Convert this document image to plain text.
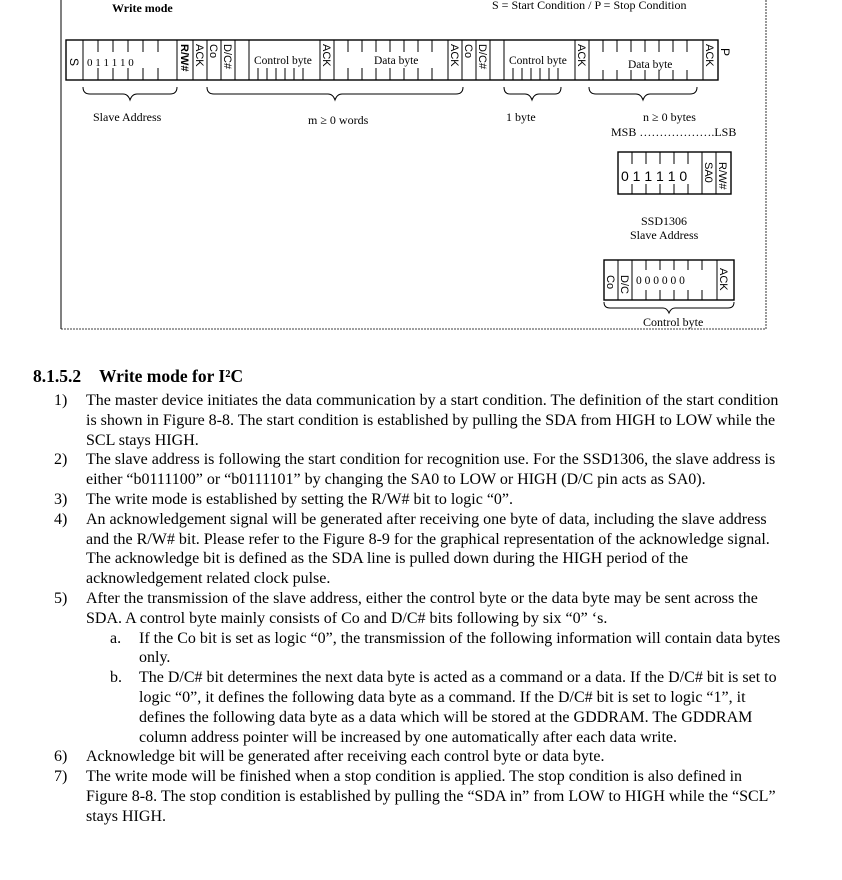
Write mode	S = Start Condition / P = Stop Condition
S 0 1 1 1 1 0	R/W# ACK Co D/C# Control byte ACK	Data byte	ACK Co D/C# Control byte ACK	Data byte	ACK P
Slave Address	m ≥ 0 words	1 byte	n ≥ 0 bytes
MSB ……………….LSB
0 1 1 1 1 0 SA0 R/W#
SSD1306
Slave Address
Co D/C 0 0 0 0 0 0	ACK
Control byte
8.1.5.2 Write mode for I²C
1) The master device initiates the data communication by a start condition. The definition of the start condition is shown in Figure 8-8. The start condition is established by pulling the SDA from HIGH to LOW while the SCL stays HIGH.
2) The slave address is following the start condition for recognition use. For the SSD1306, the slave address is either “b0111100” or “b0111101” by changing the SA0 to LOW or HIGH (D/C pin acts as SA0).
3) The write mode is established by setting the R/W# bit to logic “0”.
4) An acknowledgement signal will be generated after receiving one byte of data, including the slave address and the R/W# bit. Please refer to the Figure 8-9 for the graphical representation of the acknowledge signal. The acknowledge bit is defined as the SDA line is pulled down during the HIGH period of the acknowledgement related clock pulse.
5) After the transmission of the slave address, either the control byte or the data byte may be sent across the SDA. A control byte mainly consists of Co and D/C# bits following by six “0” ‘s.
a. If the Co bit is set as logic “0”, the transmission of the following information will contain data bytes only.
b. The D/C# bit determines the next data byte is acted as a command or a data. If the D/C# bit is set to logic “0”, it defines the following data byte as a command. If the D/C# bit is set to logic “1”, it defines the following data byte as a data which will be stored at the GDDRAM. The GDDRAM column address pointer will be increased by one automatically after each data write.
6) Acknowledge bit will be generated after receiving each control byte or data byte.
7) The write mode will be finished when a stop condition is applied. The stop condition is also defined in Figure 8-8. The stop condition is established by pulling the “SDA in” from LOW to HIGH while the “SCL” stays HIGH.
